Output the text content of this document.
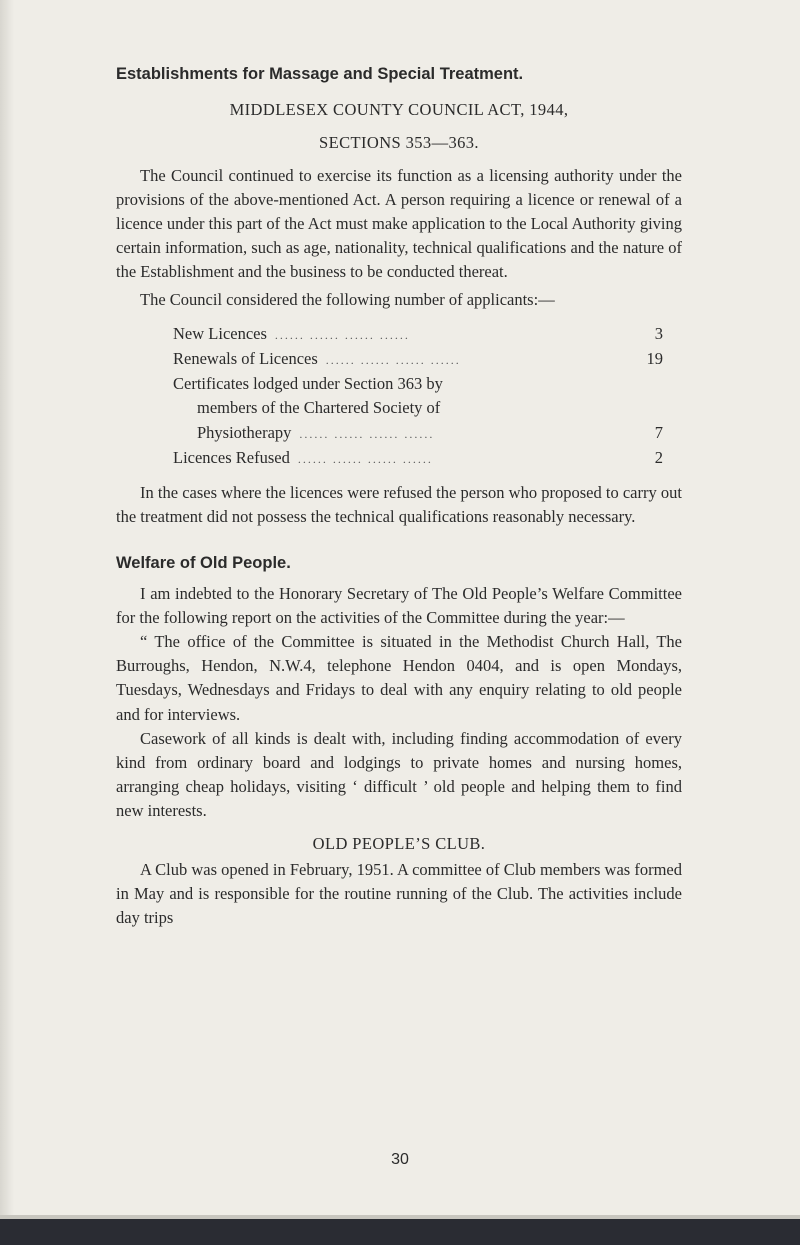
Establishments for Massage and Special Treatment.

MIDDLESEX COUNTY COUNCIL ACT, 1944,

SECTIONS 353—363.

The Council continued to exercise its function as a licensing authority under the provisions of the above-mentioned Act. A person requiring a licence or renewal of a licence under this part of the Act must make application to the Local Authority giving certain information, such as age, nationality, technical qualifications and the nature of the Establishment and the business to be conducted thereat.

The Council considered the following number of applicants:—

New Licences ...... ...... ...... ......	3
Renewals of Licences ...... ...... ...... ......	19
Certificates lodged under Section 363 by
members of the Chartered Society of
Physiotherapy ...... ...... ...... ......	7
Licences Refused ...... ...... ...... ......	2

In the cases where the licences were refused the person who proposed to carry out the treatment did not possess the technical qualifications reasonably necessary.

Welfare of Old People.

I am indebted to the Honorary Secretary of The Old People’s Welfare Committee for the following report on the activities of the Committee during the year:—

“ The office of the Committee is situated in the Methodist Church Hall, The Burroughs, Hendon, N.W.4, telephone Hendon 0404, and is open Mondays, Tuesdays, Wednesdays and Fridays to deal with any enquiry relating to old people and for interviews.

Casework of all kinds is dealt with, including finding accommodation of every kind from ordinary board and lodgings to private homes and nursing homes, arranging cheap holidays, visiting ‘ difficult ’ old people and helping them to find new interests.

OLD PEOPLE’S CLUB.

A Club was opened in February, 1951. A committee of Club members was formed in May and is responsible for the routine running of the Club. The activities include day trips

30
